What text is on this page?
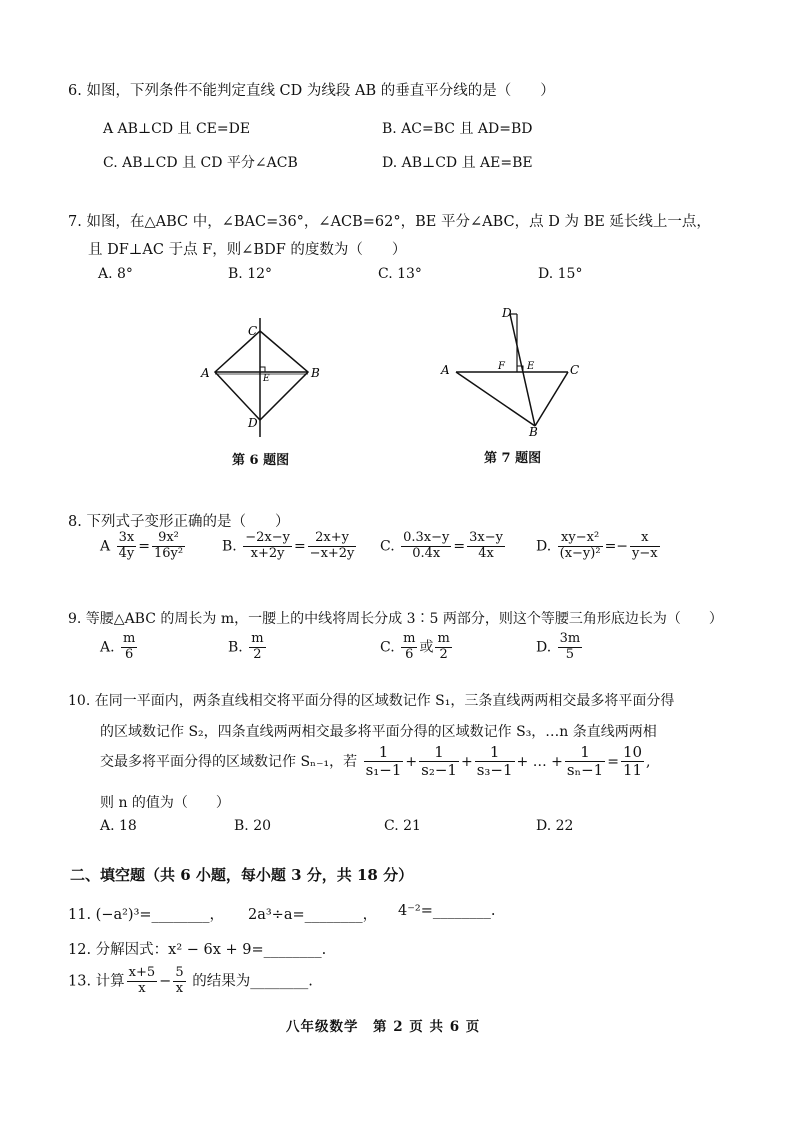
6. 如图，下列条件不能判定直线 CD 为线段 AB 的垂直平分线的是（　　）
A AB⊥CD 且 CE=DE	B. AC=BC 且 AD=BD
C. AB⊥CD 且 CD 平分∠ACB	D. AB⊥CD 且 AE=BE
7. 如图，在△ABC 中，∠BAC=36°，∠ACB=62°，BE 平分∠ABC，点 D 为 BE 延长线上一点，
且 DF⊥AC 于点 F，则∠BDF 的度数为（　　）
A. 8°	B. 12°	C. 13°	D. 15°
C
A	B
E
D
第 6 题图
D
A	C
F E
B
第 7 题图
8. 下列式子变形正确的是（　　）
A $\frac{3x}{4y} = \frac{\text{9x²}}{\text{16y²}}$	B. $\frac{-2x-y}{x+2y} = \frac{2x+y}{-x+2y} C$. $\frac{0.3x-y}{0.4x} = \frac{3x-y}{4x} D$. $\frac{\text{xy−x²}}{\text{(x−y)²}} =- \frac{x}{y-x}$
9. 等腰△ABC 的周长为 m，一腰上的中线将周长分成 3∶5 两部分，则这个等腰三角形底边长为（　　）
A. $\frac{m}{6}$	B. $\frac{m}{2}$	C. $\frac{m}{6}$ 或 $\frac{m}{2}$	D. $\frac{3m}{5}$
10. 在同一平面内，两条直线相交将平面分得的区域数记作 S₁，三条直线两两相交最多将平面分得
的区域数记作 S₂，四条直线两两相交最多将平面分得的区域数记作 S₃，…n 条直线两两相
交最多将平面分得的区域数记作 Sₙ₋₁，若 $\frac{1}{\text{s₁−1}} + \frac{1}{\text{s₂−1}} + \frac{1}{\text{s₃−1}}$ + … + $\frac{1}{\text{sₙ−1}} = \frac{10}{11}$ ,
则 n 的值为（　　）
A. 18	B. 20	C. 21	D. 22
二、填空题（共 6 小题，每小题 3 分，共 18 分）
11. (−a²)³=________， 2a³÷a=________， 4⁻²=________.
12. 分解因式：x² − 6x + 9=________.
13. 计算 $\frac{x+5}{x} - \frac{5}{x}$ 的结果为________.
八年级数学　第 2 页 共 6 页
